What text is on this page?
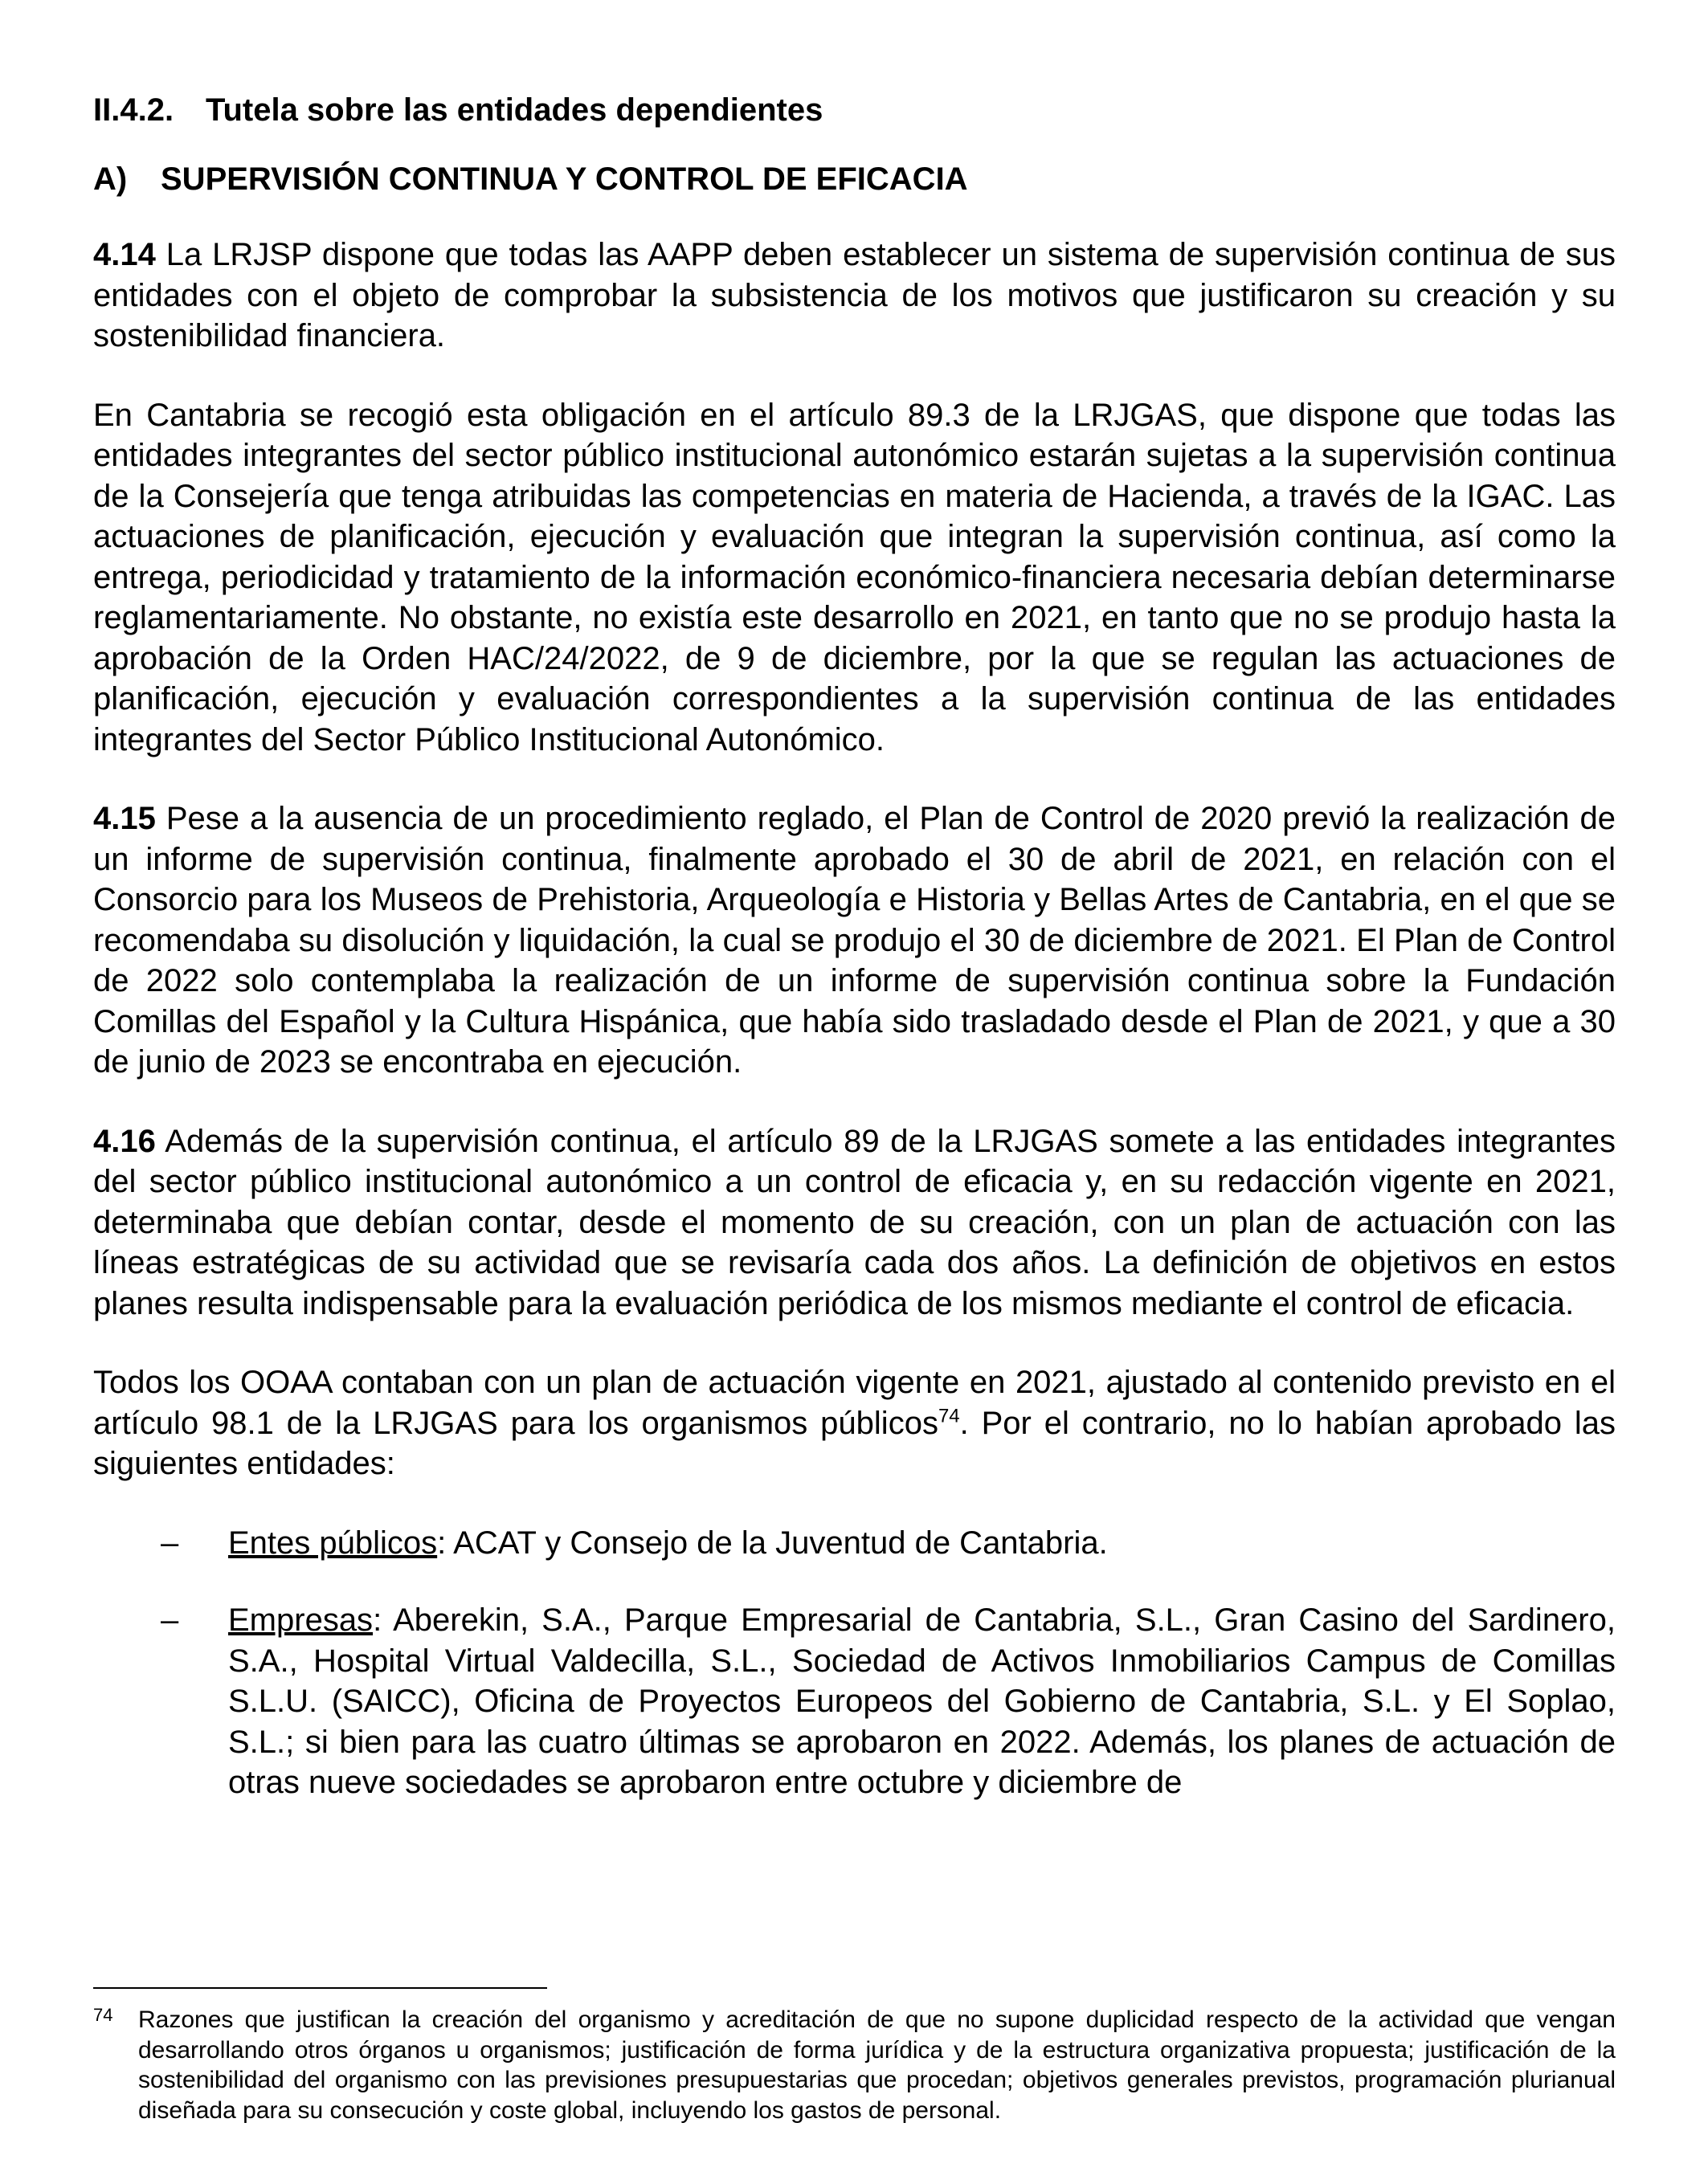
II.4.2. Tutela sobre las entidades dependientes
A) SUPERVISIÓN CONTINUA Y CONTROL DE EFICACIA

4.14 La LRJSP dispone que todas las AAPP deben establecer un sistema de supervisión continua de sus entidades con el objeto de comprobar la subsistencia de los motivos que justificaron su creación y su sostenibilidad financiera.

En Cantabria se recogió esta obligación en el artículo 89.3 de la LRJGAS, que dispone que todas las entidades integrantes del sector público institucional autonómico estarán sujetas a la supervisión continua de la Consejería que tenga atribuidas las competencias en materia de Hacienda, a través de la IGAC. Las actuaciones de planificación, ejecución y evaluación que integran la supervisión continua, así como la entrega, periodicidad y tratamiento de la información económico-financiera necesaria debían determinarse reglamentariamente. No obstante, no existía este desarrollo en 2021, en tanto que no se produjo hasta la aprobación de la Orden HAC/24/2022, de 9 de diciembre, por la que se regulan las actuaciones de planificación, ejecución y evaluación correspondientes a la supervisión continua de las entidades integrantes del Sector Público Institucional Autonómico.

4.15 Pese a la ausencia de un procedimiento reglado, el Plan de Control de 2020 previó la realización de un informe de supervisión continua, finalmente aprobado el 30 de abril de 2021, en relación con el Consorcio para los Museos de Prehistoria, Arqueología e Historia y Bellas Artes de Cantabria, en el que se recomendaba su disolución y liquidación, la cual se produjo el 30 de diciembre de 2021. El Plan de Control de 2022 solo contemplaba la realización de un informe de supervisión continua sobre la Fundación Comillas del Español y la Cultura Hispánica, que había sido trasladado desde el Plan de 2021, y que a 30 de junio de 2023 se encontraba en ejecución.

4.16 Además de la supervisión continua, el artículo 89 de la LRJGAS somete a las entidades integrantes del sector público institucional autonómico a un control de eficacia y, en su redacción vigente en 2021, determinaba que debían contar, desde el momento de su creación, con un plan de actuación con las líneas estratégicas de su actividad que se revisaría cada dos años. La definición de objetivos en estos planes resulta indispensable para la evaluación periódica de los mismos mediante el control de eficacia.

Todos los OOAA contaban con un plan de actuación vigente en 2021, ajustado al contenido previsto en el artículo 98.1 de la LRJGAS para los organismos públicos$^{74}$. Por el contrario, no lo habían aprobado las siguientes entidades:

– Entes públicos: ACAT y Consejo de la Juventud de Cantabria.
– Empresas: Aberekin, S.A., Parque Empresarial de Cantabria, S.L., Gran Casino del Sardinero, S.A., Hospital Virtual Valdecilla, S.L., Sociedad de Activos Inmobiliarios Campus de Comillas S.L.U. (SAICC), Oficina de Proyectos Europeos del Gobierno de Cantabria, S.L. y El Soplao, S.L.; si bien para las cuatro últimas se aprobaron en 2022. Además, los planes de actuación de otras nueve sociedades se aprobaron entre octubre y diciembre de
74	Razones que justifican la creación del organismo y acreditación de que no supone duplicidad respecto de la actividad que vengan desarrollando otros órganos u organismos; justificación de forma jurídica y de la estructura organizativa propuesta; justificación de la sostenibilidad del organismo con las previsiones presupuestarias que procedan; objetivos generales previstos, programación plurianual diseñada para su consecución y coste global, incluyendo los gastos de personal.
